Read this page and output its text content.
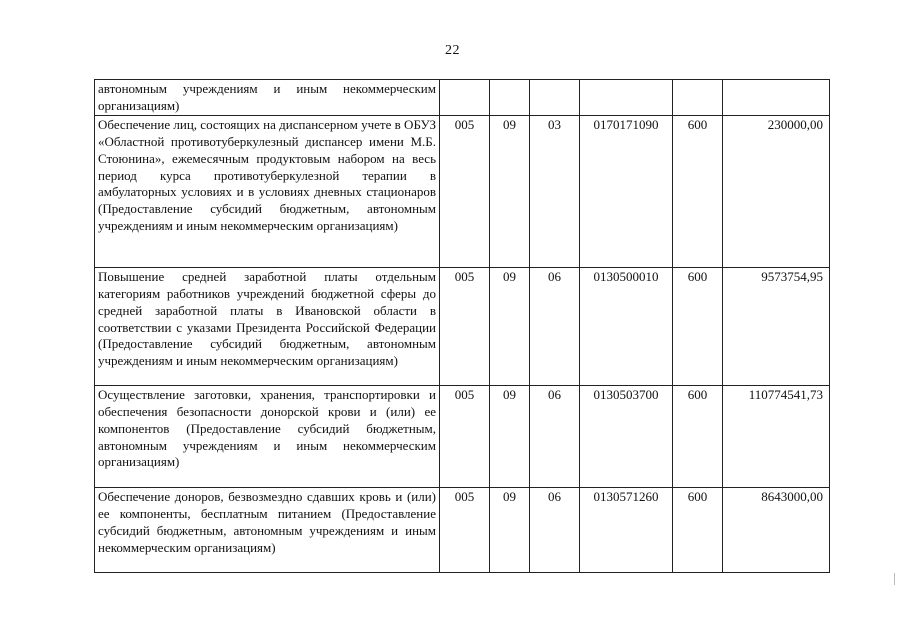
22
автономным учреждениям и иным некоммерческим организациям)						
Обеспечение лиц, состоящих на диспансерном учете в ОБУЗ «Областной противотуберкулезный диспансер имени М.Б. Стоюнина», ежемесячным продуктовым набором на весь период курса противотуберкулезной терапии в амбулаторных условиях и в условиях дневных стационаров (Предоставление субсидий бюджетным, автономным учреждениям и иным некоммерческим организациям)	005	09	03	0170171090	600	230000,00
Повышение средней заработной платы отдельным категориям работников учреждений бюджетной сферы до средней заработной платы в Ивановской области в соответствии с указами Президента Российской Федерации (Предоставление субсидий бюджетным, автономным учреждениям и иным некоммерческим организациям)	005	09	06	0130500010	600	9573754,95
Осуществление заготовки, хранения, транспортировки и обеспечения безопасности донорской крови и (или) ее компонентов (Предоставление субсидий бюджетным, автономным учреждениям и иным некоммерческим организациям)	005	09	06	0130503700	600	110774541,73
Обеспечение доноров, безвозмездно сдавших кровь и (или) ее компоненты, бесплатным питанием (Предоставление субсидий бюджетным, автономным учреждениям и иным некоммерческим организациям)	005	09	06	0130571260	600	8643000,00
